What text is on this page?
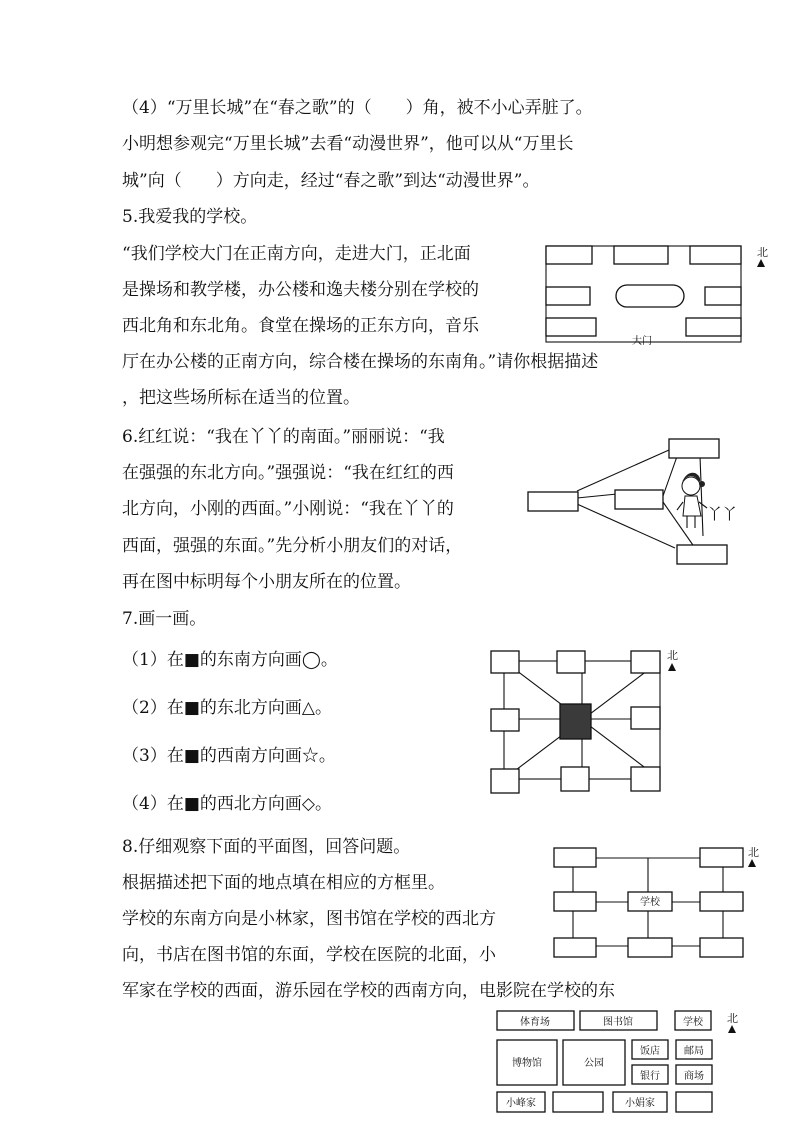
（4）“万里长城”在“春之歌”的（　　）角，被不小心弄脏了。
小明想参观完“万里长城”去看“动漫世界”，他可以从“万里长
城”向（　　）方向走，经过“春之歌”到达“动漫世界”。
5.我爱我的学校。
“我们学校大门在正南方向，走进大门，正北面
是操场和教学楼，办公楼和逸夫楼分别在学校的
西北角和东北角。食堂在操场的正东方向，音乐
厅在办公楼的正南方向，综合楼在操场的东南角。”请你根据描述
，把这些场所标在适当的位置。
大门
北
6.红红说：“我在丫丫的南面。”丽丽说：“我
在强强的东北方向。”强强说：“我在红红的西
北方向，小刚的西面。”小刚说：“我在丫丫的
西面，强强的东面。”先分析小朋友们的对话，
再在图中标明每个小朋友所在的位置。
丫丫
7.画一画。
（1）在■的东南方向画◯。
（2）在■的东北方向画△。
（3）在■的西南方向画☆。
（4）在■的西北方向画◇。
北
8.仔细观察下面的平面图，回答问题。
根据描述把下面的地点填在相应的方框里。
学校的东南方向是小林家，图书馆在学校的西北方
向，书店在图书馆的东面，学校在医院的北面，小
军家在学校的西面，游乐园在学校的西南方向，电影院在学校的东
学校
北
体育场	图书馆	学校
博物馆	公园
饭店 邮局
银行 商场
小峰家	小娟家
北
